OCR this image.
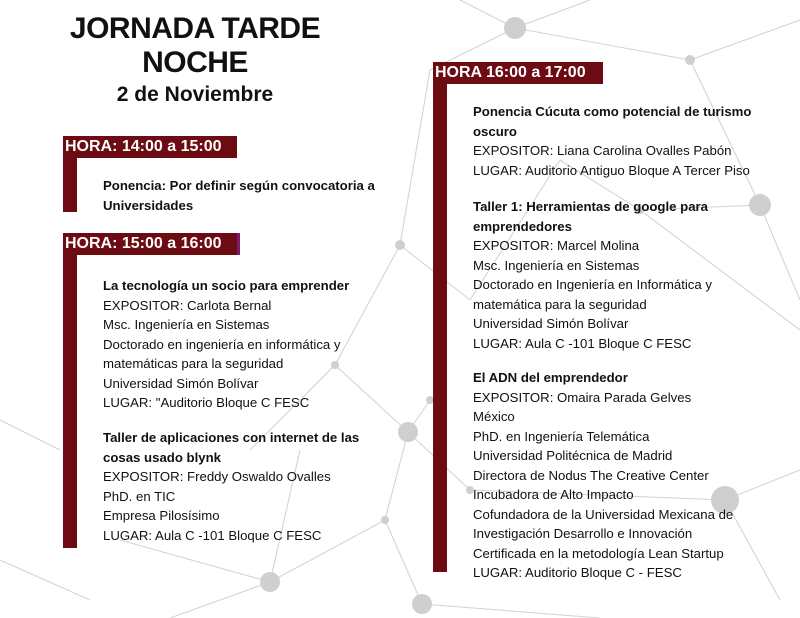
JORNADA TARDE
NOCHE
2 de Noviembre
HORA: 14:00 a 15:00
Ponencia: Por definir según convocatoria a
Universidades
HORA: 15:00 a 16:00
La tecnología un socio para emprender
EXPOSITOR: Carlota Bernal
Msc. Ingeniería en Sistemas
Doctorado en ingeniería en informática y
matemáticas para la seguridad
Universidad Simón Bolívar
LUGAR: "Auditorio Bloque C FESC
Taller de aplicaciones con internet de las
cosas usado blynk
EXPOSITOR: Freddy Oswaldo Ovalles
PhD. en TIC
Empresa Pilosísimo
LUGAR: Aula C -101 Bloque C FESC
HORA 16:00 a 17:00
Ponencia Cúcuta como potencial de turismo
oscuro
EXPOSITOR: Liana Carolina Ovalles Pabón
LUGAR: Auditorio Antiguo Bloque A Tercer Piso
Taller 1: Herramientas de google para
emprendedores
EXPOSITOR: Marcel Molina
Msc. Ingeniería en Sistemas
Doctorado en Ingeniería en Informática y
matemática para la seguridad
Universidad Simón Bolívar
LUGAR: Aula C -101 Bloque C FESC
El ADN del emprendedor
EXPOSITOR: Omaira Parada Gelves
México
PhD. en Ingeniería Telemática
Universidad Politécnica de Madrid
Directora de Nodus The Creative Center
Incubadora de Alto Impacto
Cofundadora de la Universidad Mexicana de
Investigación Desarrollo e Innovación
Certificada en la metodología Lean Startup
LUGAR: Auditorio Bloque C - FESC
